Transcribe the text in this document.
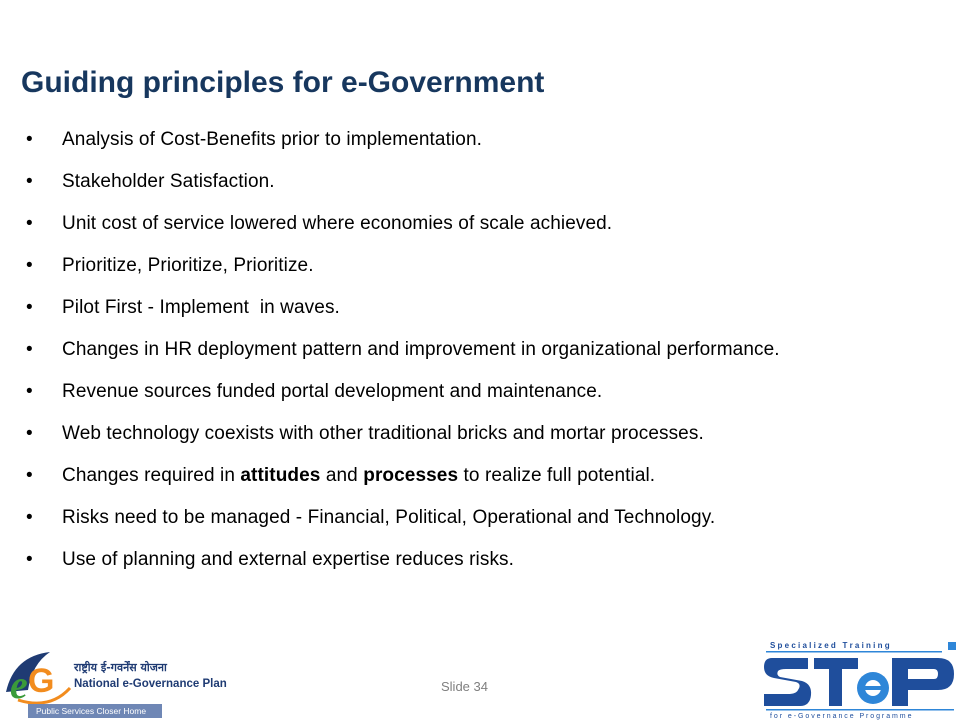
Guiding principles for e-Government
• Analysis of Cost-Benefits prior to implementation.
• Stakeholder Satisfaction.
• Unit cost of service lowered where economies of scale achieved.
• Prioritize, Prioritize, Prioritize.
• Pilot First - Implement  in waves.
• Changes in HR deployment pattern and improvement in organizational performance.
• Revenue sources funded portal development and maintenance.
• Web technology coexists with other traditional bricks and mortar processes.
• Changes required in attitudes and processes to realize full potential.
• Risks need to be managed - Financial, Political, Operational and Technology.
• Use of planning and external expertise reduces risks.
e G राष्ट्रीय ई-गवर्नेंस योजना
National e-Governance Plan
Public Services Closer Home
S p e c i a l i z e d   T r a i n i n g
f o r   e - G o v e r n a n c e   P r o g r a m m e
Slide 34
